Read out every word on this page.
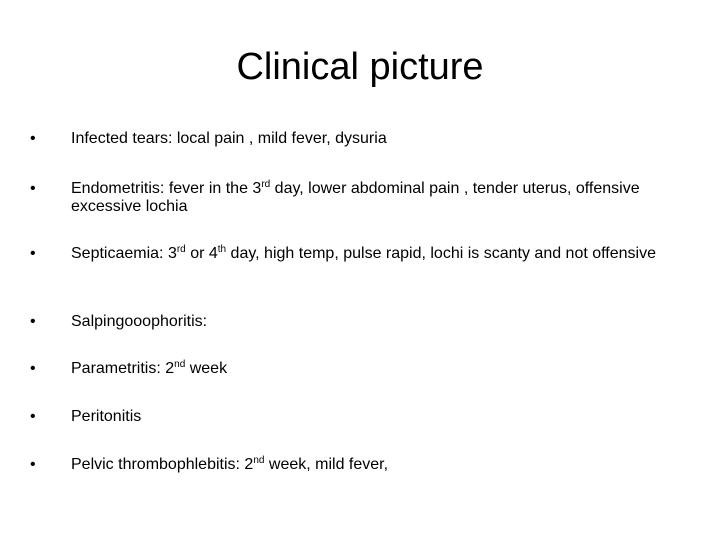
Clinical picture
•	Infected tears: local pain , mild fever, dysuria
•	Endometritis: fever in the 3rd day, lower abdominal pain , tender uterus, offensive excessive lochia
•	Septicaemia: 3rd or 4th day, high temp, pulse rapid, lochi is scanty and not offensive
•	Salpingooophoritis:
•	Parametritis: 2nd week
•	Peritonitis
•	Pelvic thrombophlebitis: 2nd week, mild fever,
